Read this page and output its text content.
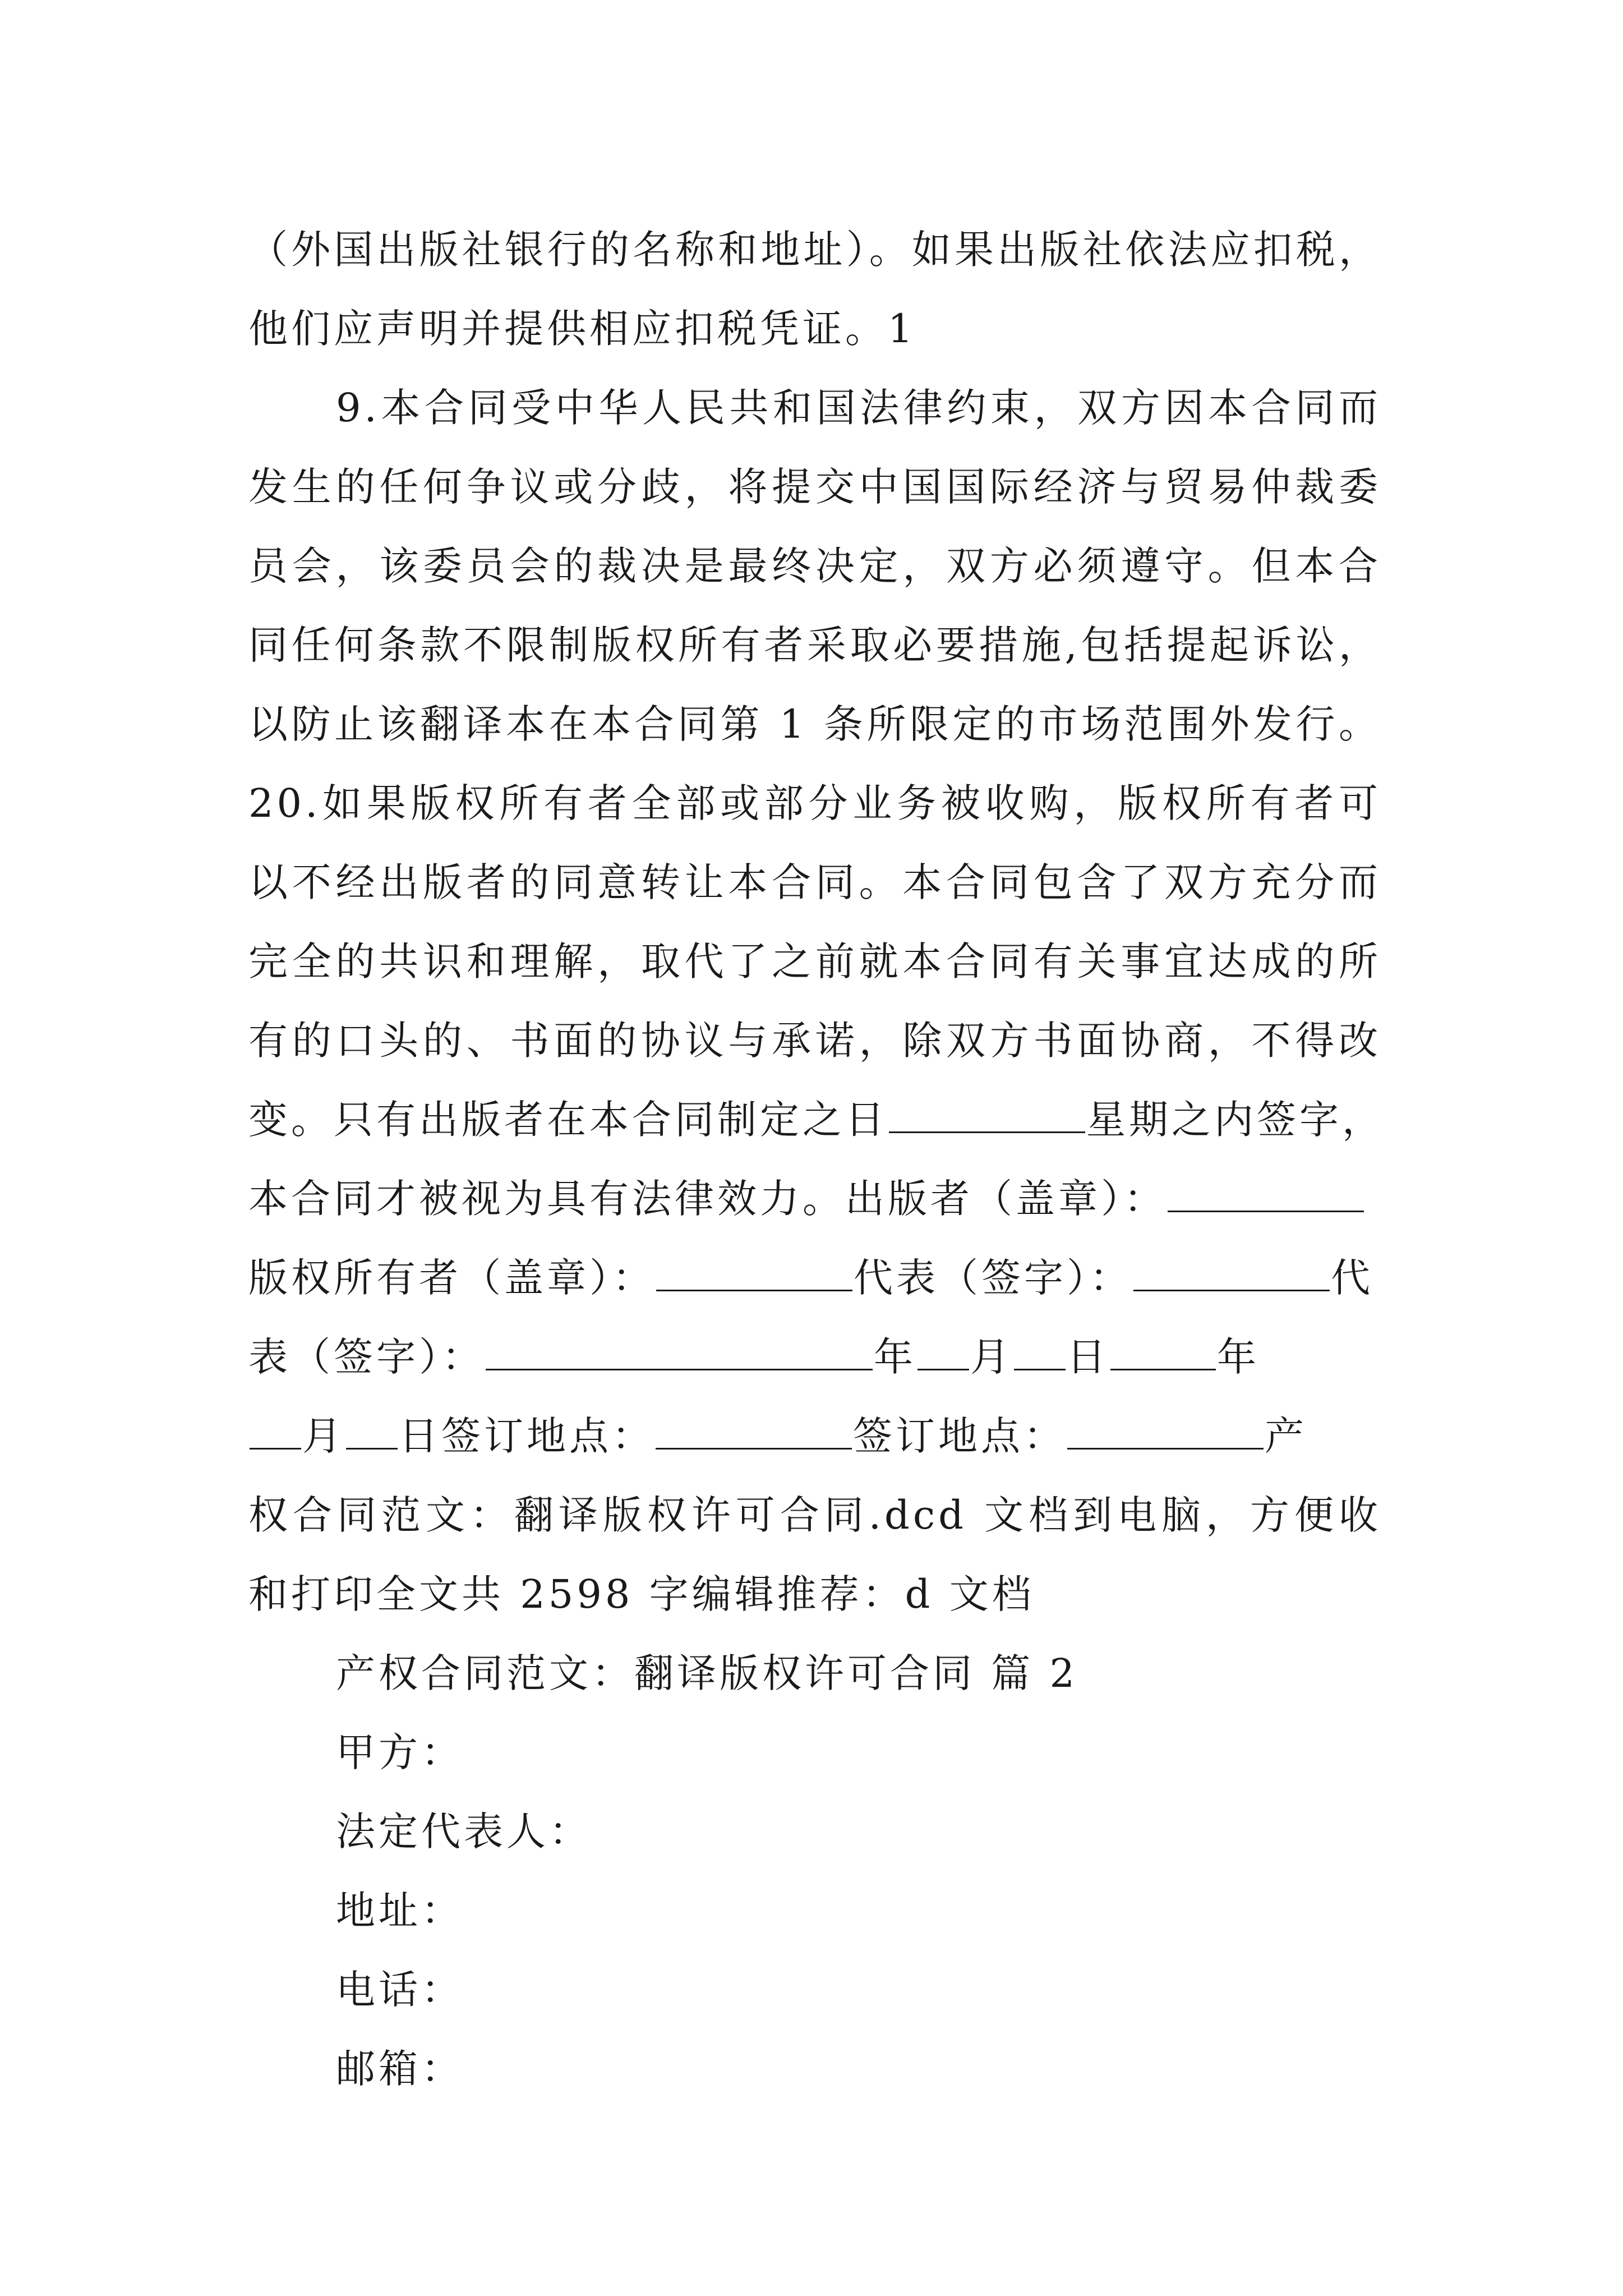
（外国出版社银行的名称和地址）。如果出版社依法应扣税，
他们应声明并提供相应扣税凭证。1
9.本合同受中华人民共和国法律约束，双方因本合同而
发生的任何争议或分歧，将提交中国国际经济与贸易仲裁委
员会，该委员会的裁决是最终决定，双方必须遵守。但本合
同任何条款不限制版权所有者采取必要措施,包括提起诉讼，
以防止该翻译本在本合同第 1 条所限定的市场范围外发行。
20.如果版权所有者全部或部分业务被收购，版权所有者可
以不经出版者的同意转让本合同。本合同包含了双方充分而
完全的共识和理解，取代了之前就本合同有关事宜达成的所
有的口头的、书面的协议与承诺，除双方书面协商，不得改
变。只有出版者在本合同制定之日	星期之内签字，
本合同才被视为具有法律效力。出版者（盖章）：
版权所有者（盖章）：	代表（签字）：	代
表（签字）：	年 月 日	年
月 日签订地点：	签订地点：	产
权合同范文：翻译版权许可合同.dcd 文档到电脑，方便收
和打印全文共 2598 字编辑推荐：d 文档
产权合同范文：翻译版权许可合同 篇 2
甲方：
法定代表人：
地址：
电话：
邮箱：
